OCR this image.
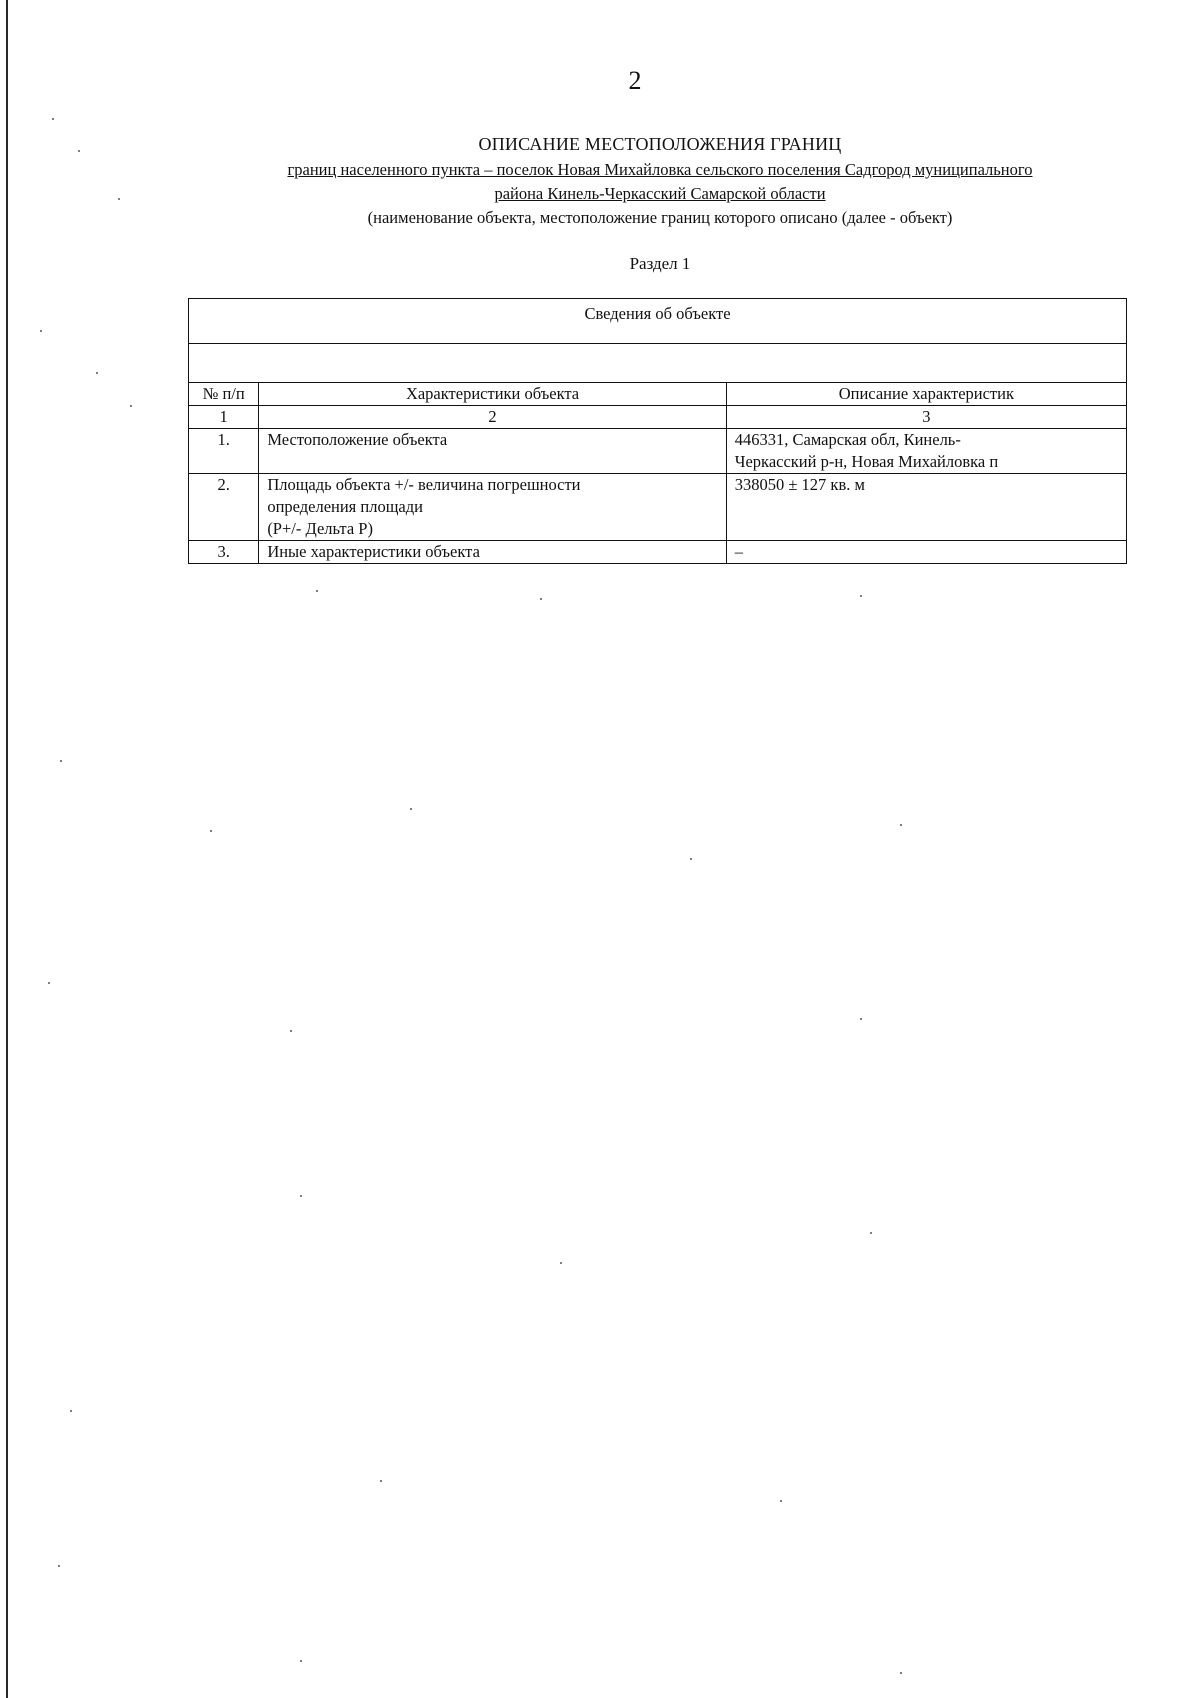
2
ОПИСАНИЕ МЕСТОПОЛОЖЕНИЯ ГРАНИЦ
границ населенного пункта – поселок Новая Михайловка сельского поселения Садгород муниципального
района Кинель-Черкасский Самарской области
(наименование объекта, местоположение границ которого описано (далее - объект)
Раздел 1
Сведения об объекте		

№ п/п	Характеристики объекта	Описание характеристик
1	2	3
1.	Местоположение объекта	446331, Самарская обл, Кинель-
Черкасский р-н, Новая Михайловка п

2.	Площадь объекта +/- величина погрешности
определения площади
(Р+/- Дельта Р)	338050 ± 127 кв. м

3.	Иные характеристики объекта	–
